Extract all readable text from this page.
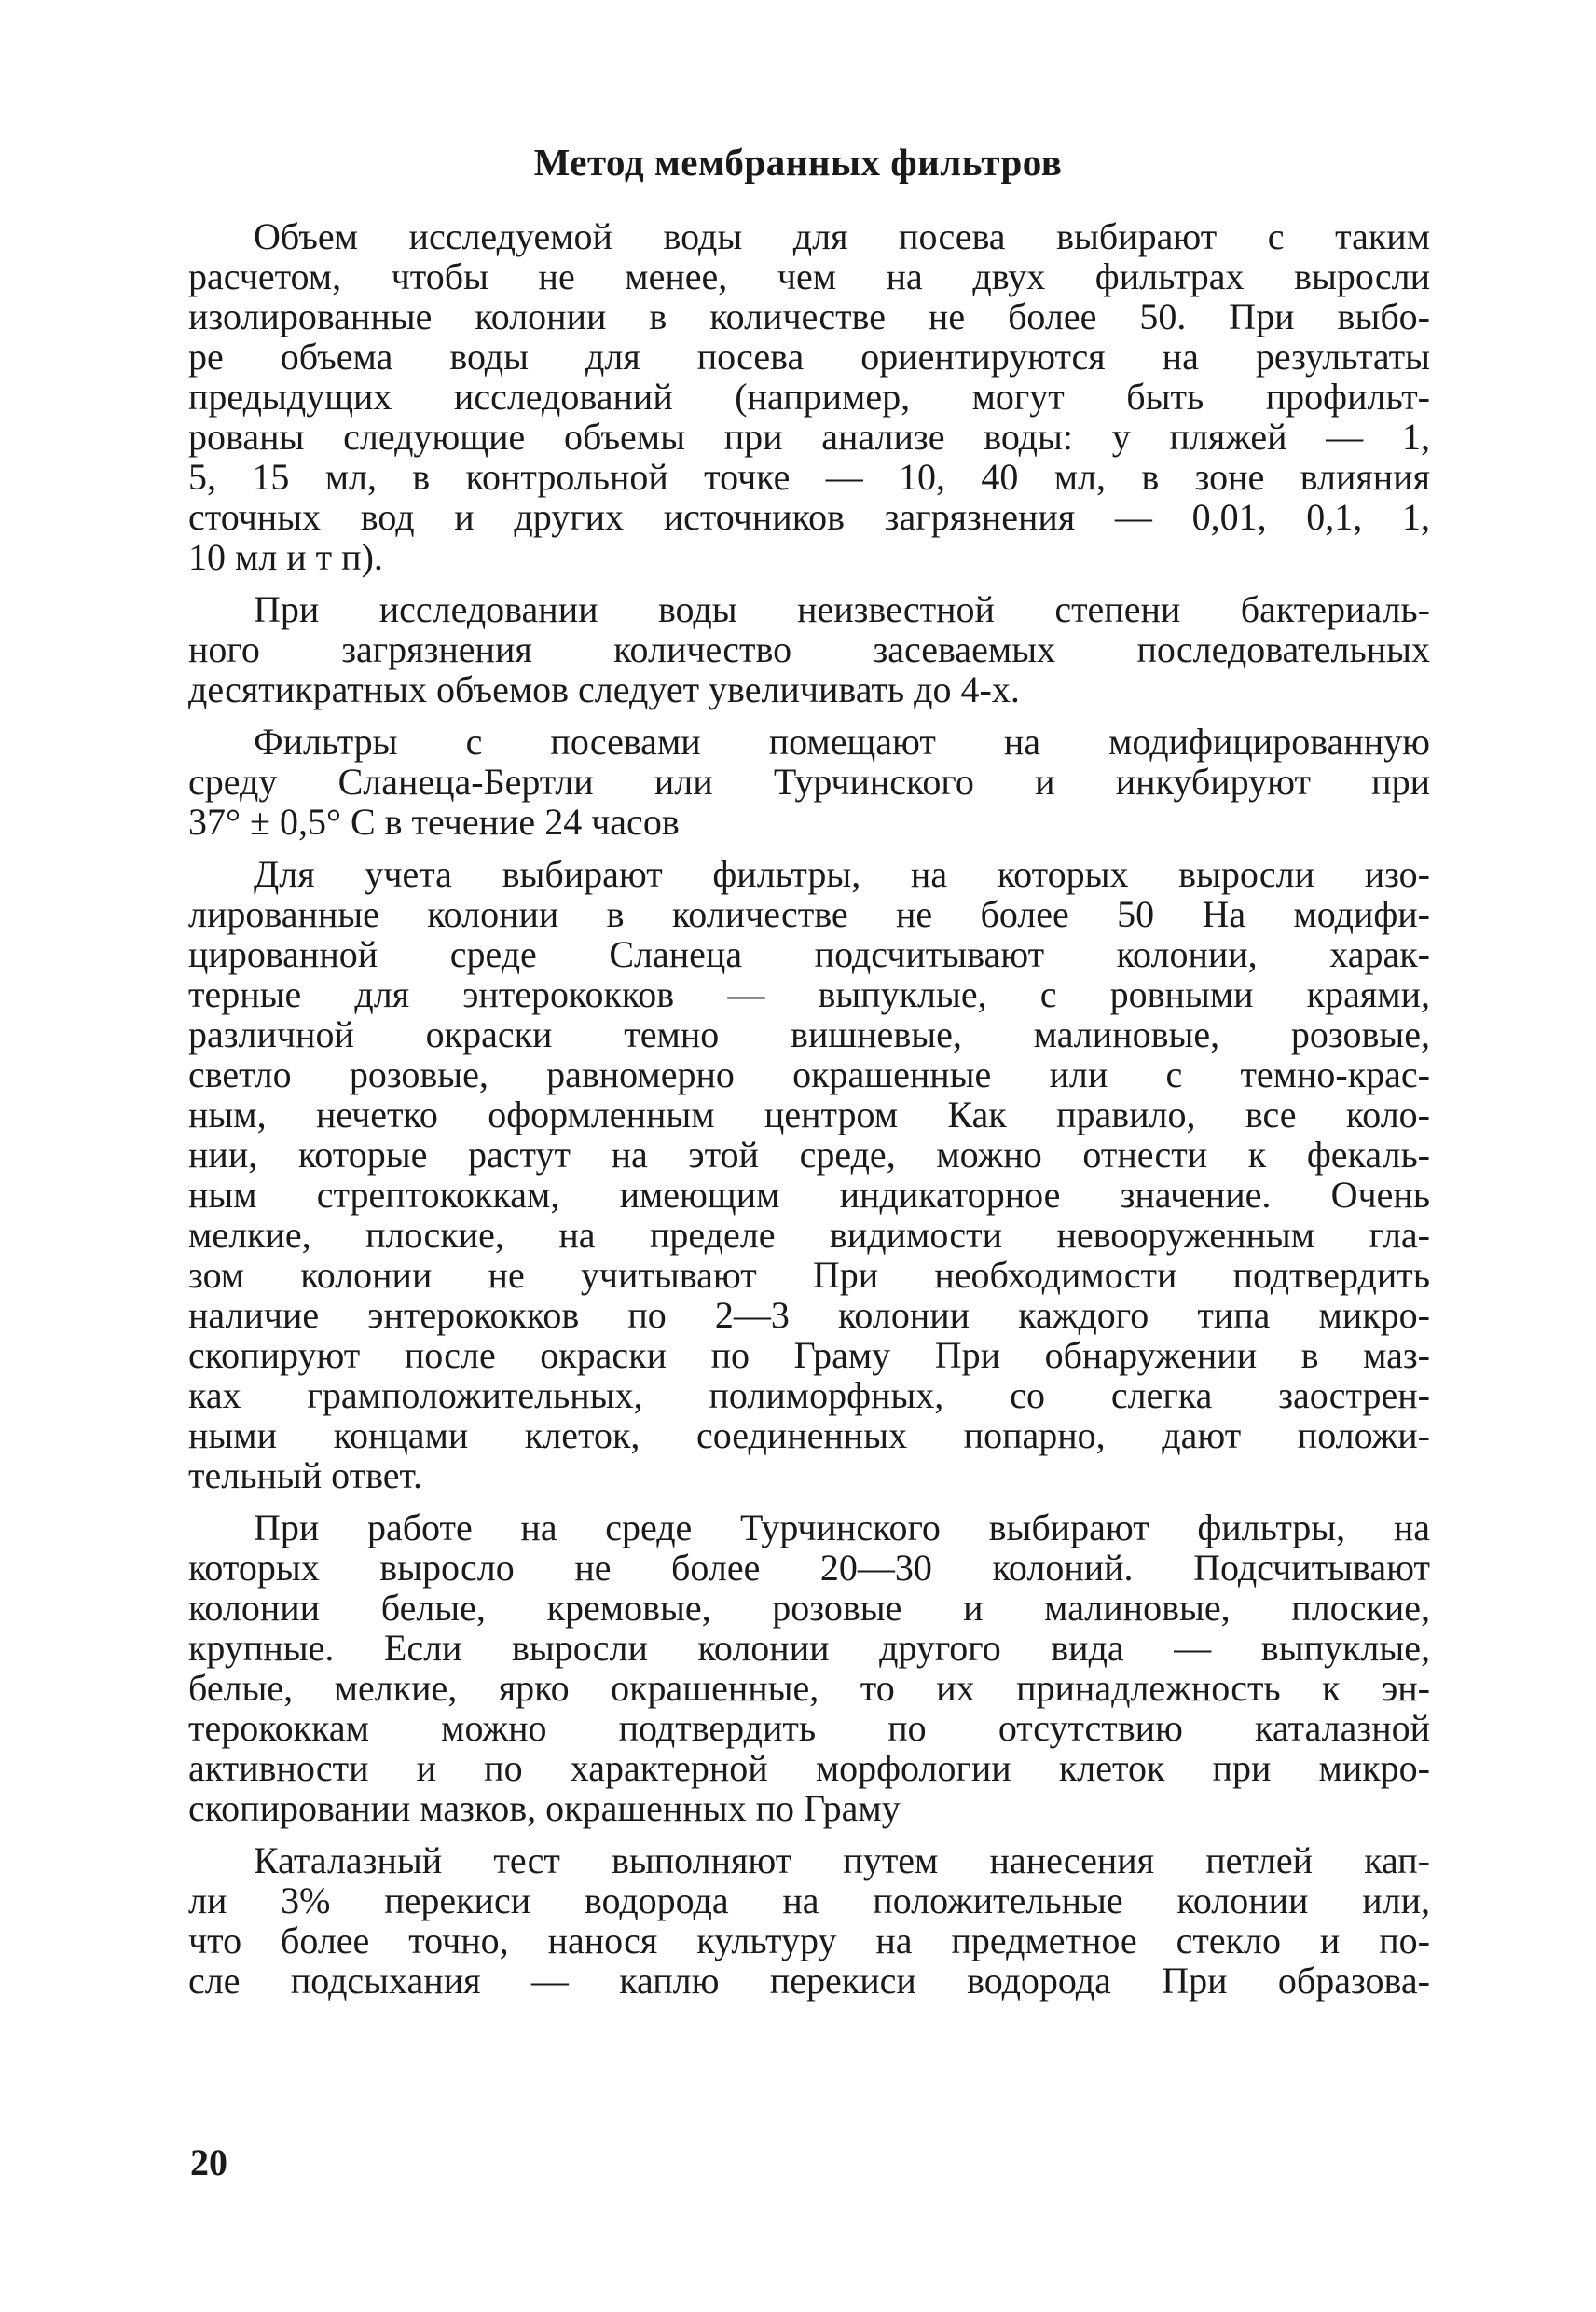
Метод мембранных фильтров

Объем исследуемой воды для посева выбирают с таким
расчетом, чтобы не менее, чем на двух фильтрах выросли
изолированные колонии в количестве не более 50. При выбо-
ре объема воды для посева ориентируются на результаты
предыдущих исследований (например, могут быть профильт-
рованы следующие объемы при анализе воды: у пляжей — 1,
5, 15 мл, в контрольной точке — 10, 40 мл, в зоне влияния
сточных вод и других источников загрязнения — 0,01, 0,1, 1,
10 мл и т п).

При исследовании воды неизвестной степени бактериаль-
ного загрязнения количество засеваемых последовательных
десятикратных объемов следует увеличивать до 4-х.

Фильтры с посевами помещают на модифицированную
среду Сланеца-Бертли или Турчинского и инкубируют при
37° ± 0,5° С в течение 24 часов

Для учета выбирают фильтры, на которых выросли изо-
лированные колонии в количестве не более 50 На модифи-
цированной среде Сланеца подсчитывают колонии, харак-
терные для энтерококков — выпуклые, с ровными краями,
различной окраски темно вишневые, малиновые, розовые,
светло розовые, равномерно окрашенные или с темно-крас-
ным, нечетко оформленным центром Как правило, все коло-
нии, которые растут на этой среде, можно отнести к фекаль-
ным стрептококкам, имеющим индикаторное значение. Очень
мелкие, плоские, на пределе видимости невооруженным гла-
зом колонии не учитывают При необходимости подтвердить
наличие энтерококков по 2—3 колонии каждого типа микро-
скопируют после окраски по Граму При обнаружении в маз-
ках грамположительных, полиморфных, со слегка заострен-
ными концами клеток, соединенных попарно, дают положи-
тельный ответ.

При работе на среде Турчинского выбирают фильтры, на
которых выросло не более 20—30 колоний. Подсчитывают
колонии белые, кремовые, розовые и малиновые, плоские,
крупные. Если выросли колонии другого вида — выпуклые,
белые, мелкие, ярко окрашенные, то их принадлежность к эн-
терококкам можно подтвердить по отсутствию каталазной
активности и по характерной морфологии клеток при микро-
скопировании мазков, окрашенных по Граму

Каталазный тест выполняют путем нанесения петлей кап-
ли 3% перекиси водорода на положительные колонии или,
что более точно, нанося культуру на предметное стекло и по-
сле подсыхания — каплю перекиси водорода При образова-

20
